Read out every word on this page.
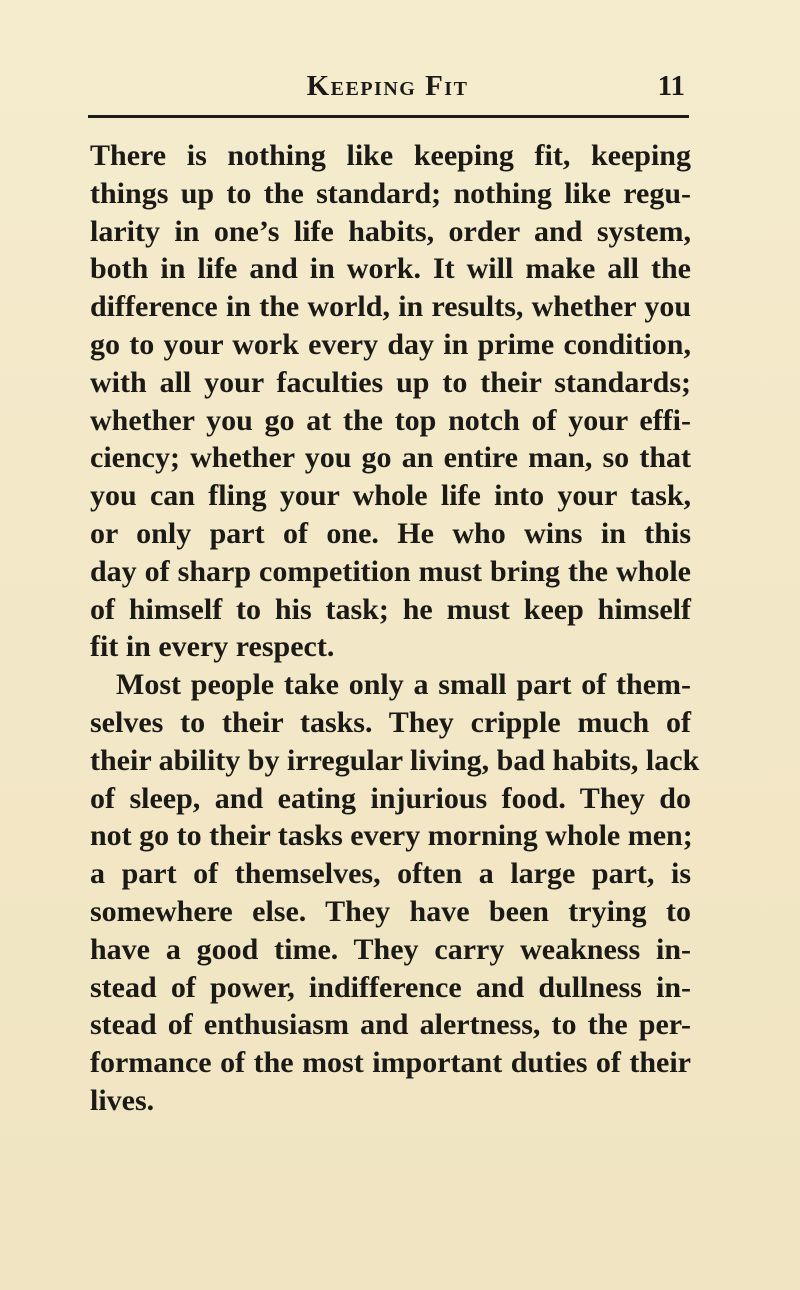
Keeping Fit	11
There is nothing like keeping fit, keeping
things up to the standard; nothing like regu-
larity in one’s life habits, order and system,
both in life and in work. It will make all the
difference in the world, in results, whether you
go to your work every day in prime condition,
with all your faculties up to their standards;
whether you go at the top notch of your effi-
ciency; whether you go an entire man, so that
you can fling your whole life into your task,
or only part of one. He who wins in this
day of sharp competition must bring the whole
of himself to his task; he must keep himself
fit in every respect.
Most people take only a small part of them-
selves to their tasks. They cripple much of
their ability by irregular living, bad habits, lack
of sleep, and eating injurious food. They do
not go to their tasks every morning whole men;
a part of themselves, often a large part, is
somewhere else. They have been trying to
have a good time. They carry weakness in-
stead of power, indifference and dullness in-
stead of enthusiasm and alertness, to the per-
formance of the most important duties of their
lives.
